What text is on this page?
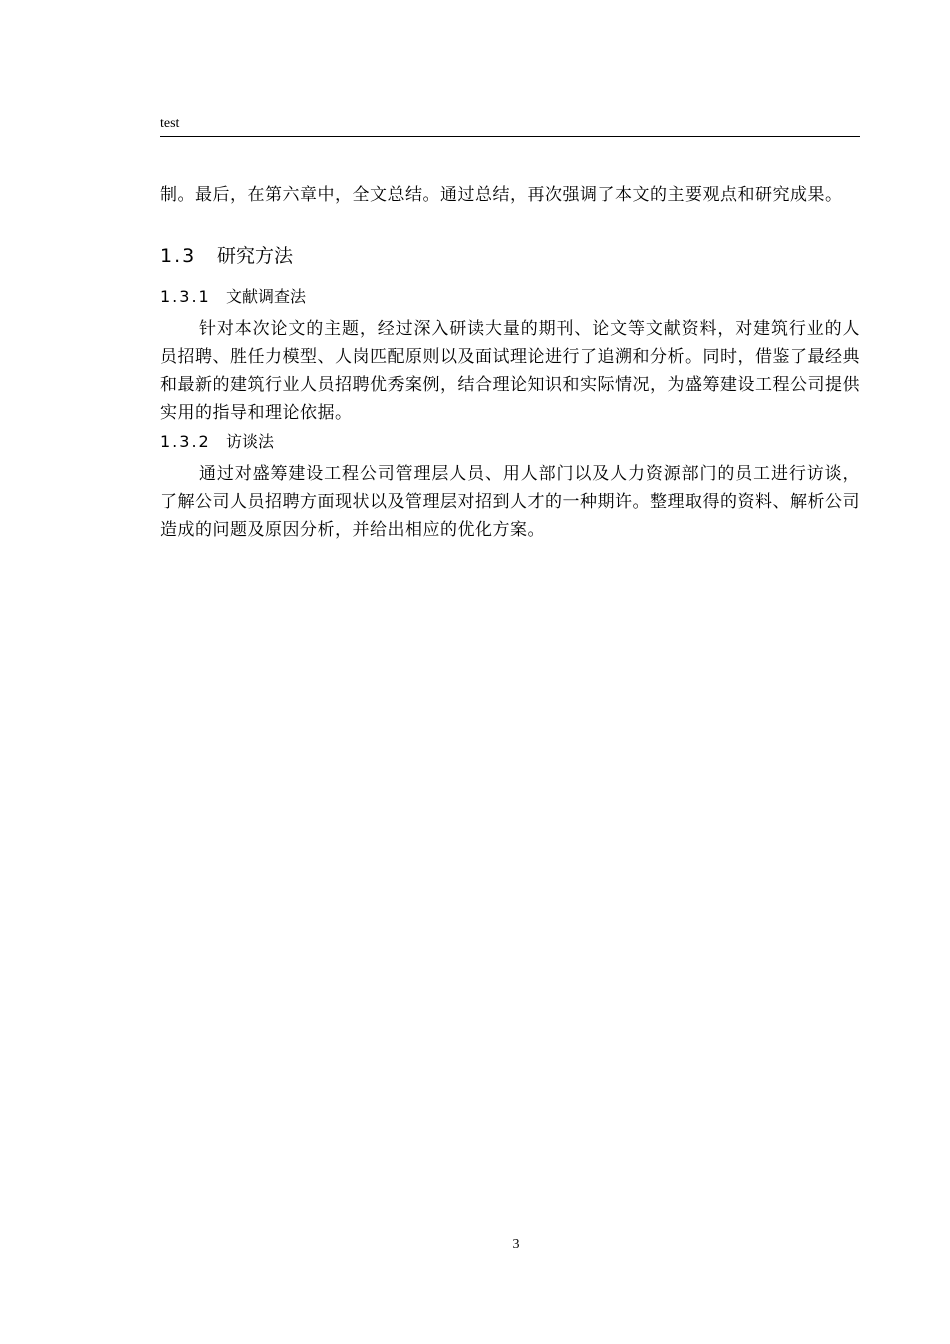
test

制。最后，在第六章中，全文总结。通过总结，再次强调了本文的主要观点和研究成果。

1.3 研究方法
1.3.1 文献调查法

针对本次论文的主题，经过深入研读大量的期刊、论文等文献资料，对建筑行业的人员招聘、胜任力模型、人岗匹配原则以及面试理论进行了追溯和分析。同时，借鉴了最经典和最新的建筑行业人员招聘优秀案例，结合理论知识和实际情况，为盛筹建设工程公司提供实用的指导和理论依据。

1.3.2 访谈法

通过对盛筹建设工程公司管理层人员、用人部门以及人力资源部门的员工进行访谈，了解公司人员招聘方面现状以及管理层对招到人才的一种期许。整理取得的资料、解析公司造成的问题及原因分析，并给出相应的优化方案。

3
